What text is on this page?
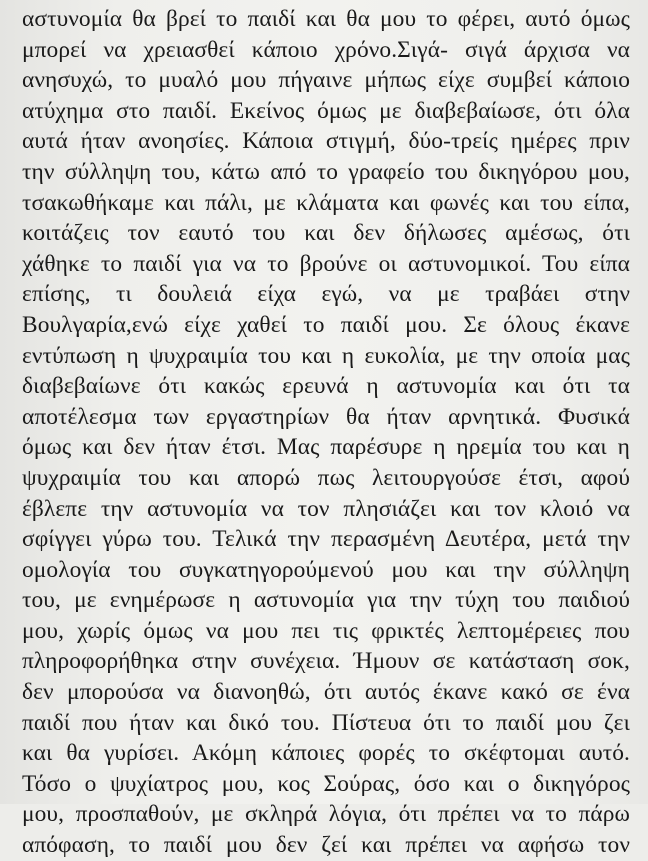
αστυνομία θα βρεί το παιδί και θα μου το φέρει, αυτό όμως
μπορεί να χρειασθεί κάποιο χρόνο.Σιγά- σιγά άρχισα να
ανησυχώ, το μυαλό μου πήγαινε μήπως είχε συμβεί κάποιο
ατύχημα στο παιδί. Εκείνος όμως με διαβεβαίωσε, ότι όλα
αυτά ήταν ανοησίες. Κάποια στιγμή, δύο-τρείς ημέρες πριν
την σύλληψη του, κάτω από το γραφείο του δικηγόρου μου,
τσακωθήκαμε και πάλι, με κλάματα και φωνές και του είπα,
κοιτάζεις τον εαυτό του και δεν δήλωσες αμέσως, ότι
χάθηκε το παιδί για να το βρούνε οι αστυνομικοί. Του είπα
επίσης, τι δουλειά είχα εγώ, να με τραβάει στην
Βουλγαρία,ενώ είχε χαθεί το παιδί μου. Σε όλους έκανε
εντύπωση η ψυχραιμία του και η ευκολία, με την οποία μας
διαβεβαίωνε ότι κακώς ερευνά η αστυνομία και ότι τα
αποτέλεσμα των εργαστηρίων θα ήταν αρνητικά. Φυσικά
όμως και δεν ήταν έτσι. Μας παρέσυρε η ηρεμία του και η
ψυχραιμία του και απορώ πως λειτουργούσε έτσι, αφού
έβλεπε την αστυνομία να τον πλησιάζει και τον κλοιό να
σφίγγει γύρω του. Τελικά την περασμένη Δευτέρα, μετά την
ομολογία του συγκατηγορούμενού μου και την σύλληψη
του, με ενημέρωσε η αστυνομία για την τύχη του παιδιού
μου, χωρίς όμως να μου πει τις φρικτές λεπτομέρειες που
πληροφορήθηκα στην συνέχεια. Ήμουν σε κατάσταση σοκ,
δεν μπορούσα να διανοηθώ, ότι αυτός έκανε κακό σε ένα
παιδί που ήταν και δικό του. Πίστευα ότι το παιδί μου ζει
και θα γυρίσει. Ακόμη κάποιες φορές το σκέφτομαι αυτό.
Τόσο ο ψυχίατρος μου, κος Σούρας, όσο και ο δικηγόρος
μου, προσπαθούν, με σκληρά λόγια, ότι πρέπει να το πάρω
απόφαση, το παιδί μου δεν ζεί και πρέπει να αφήσω τον
